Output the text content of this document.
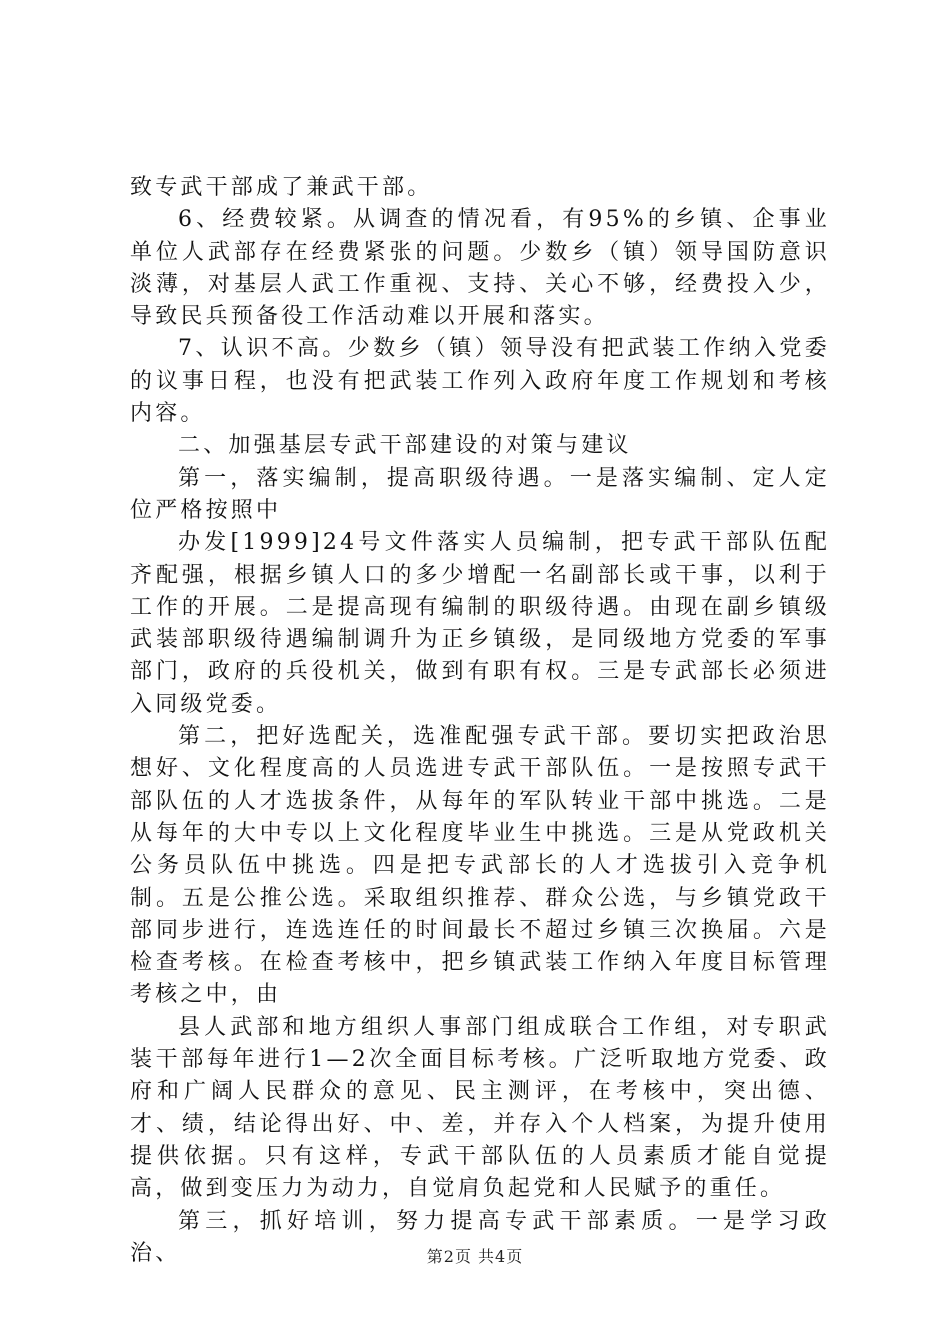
致专武干部成了兼武干部。

6、经费较紧。从调查的情况看，有95%的乡镇、企事业单位人武部存在经费紧张的问题。少数乡（镇）领导国防意识淡薄，对基层人武工作重视、支持、关心不够，经费投入少，导致民兵预备役工作活动难以开展和落实。

7、认识不高。少数乡（镇）领导没有把武装工作纳入党委的议事日程，也没有把武装工作列入政府年度工作规划和考核内容。

二、加强基层专武干部建设的对策与建议

第一，落实编制，提高职级待遇。一是落实编制、定人定位严格按照中

办发[1999]24号文件落实人员编制，把专武干部队伍配齐配强，根据乡镇人口的多少增配一名副部长或干事，以利于工作的开展。二是提高现有编制的职级待遇。由现在副乡镇级武装部职级待遇编制调升为正乡镇级，是同级地方党委的军事部门，政府的兵役机关，做到有职有权。三是专武部长必须进入同级党委。

第二，把好选配关，选准配强专武干部。要切实把政治思想好、文化程度高的人员选进专武干部队伍。一是按照专武干部队伍的人才选拔条件，从每年的军队转业干部中挑选。二是从每年的大中专以上文化程度毕业生中挑选。三是从党政机关公务员队伍中挑选。四是把专武部长的人才选拔引入竞争机制。五是公推公选。采取组织推荐、群众公选，与乡镇党政干部同步进行，连选连任的时间最长不超过乡镇三次换届。六是检查考核。在检查考核中，把乡镇武装工作纳入年度目标管理考核之中，由

县人武部和地方组织人事部门组成联合工作组，对专职武装干部每年进行1—2次全面目标考核。广泛听取地方党委、政府和广阔人民群众的意见、民主测评，在考核中，突出德、才、绩，结论得出好、中、差，并存入个人档案，为提升使用提供依据。只有这样，专武干部队伍的人员素质才能自觉提高，做到变压力为动力，自觉肩负起党和人民赋予的重任。

第三，抓好培训，努力提高专武干部素质。一是学习政治、	第2页 共4页
